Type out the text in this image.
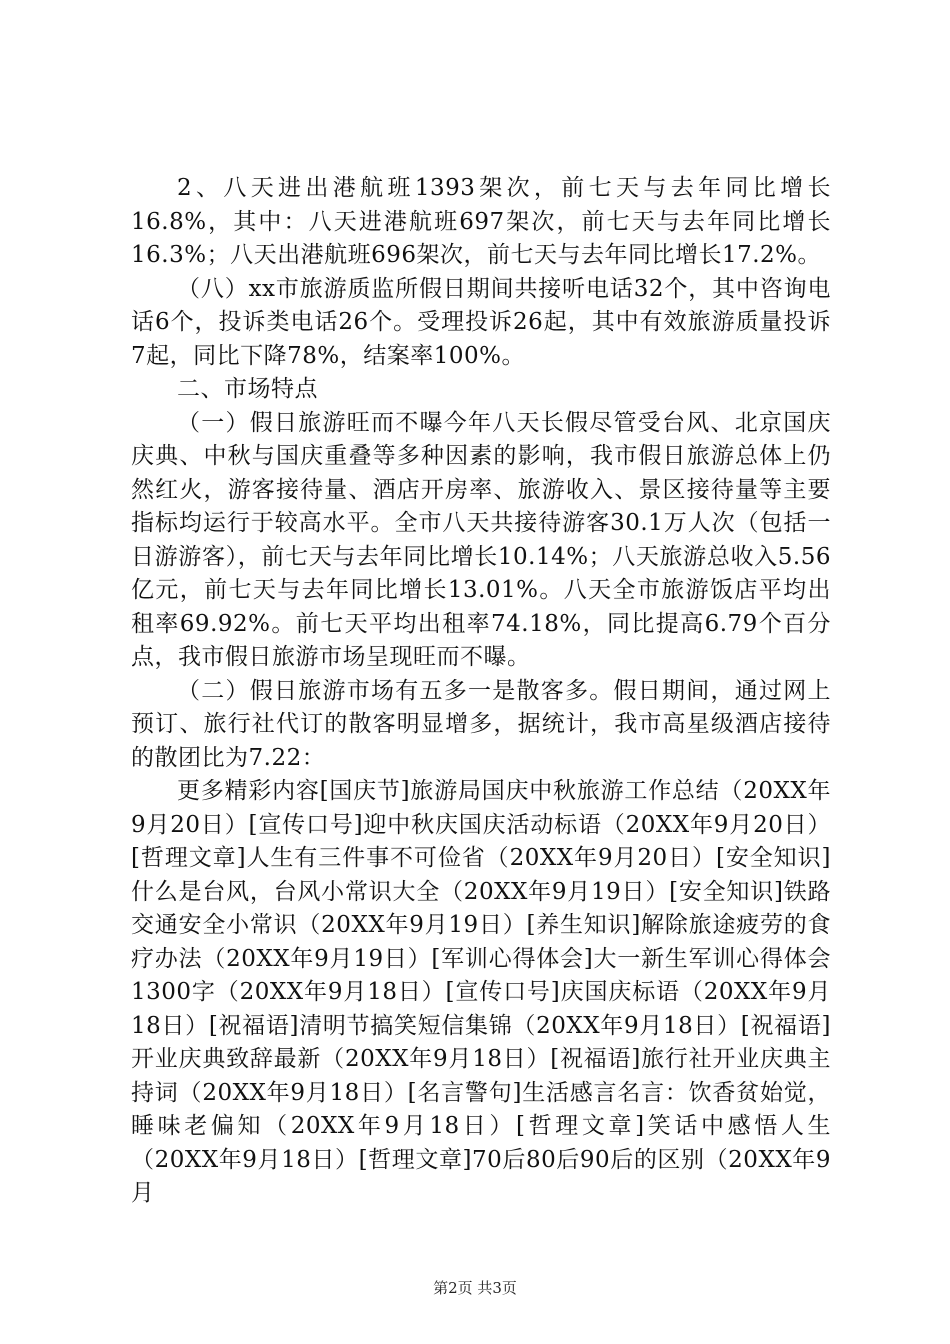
2、八天进出港航班1393架次，前七天与去年同比增长16.8%，其中：八天进港航班697架次，前七天与去年同比增长16.3%；八天出港航班696架次，前七天与去年同比增长17.2%。

（八）xx市旅游质监所假日期间共接听电话32个，其中咨询电话6个，投诉类电话26个。受理投诉26起，其中有效旅游质量投诉7起，同比下降78%，结案率100%。

二、市场特点

（一）假日旅游旺而不曝今年八天长假尽管受台风、北京国庆庆典、中秋与国庆重叠等多种因素的影响，我市假日旅游总体上仍然红火，游客接待量、酒店开房率、旅游收入、景区接待量等主要指标均运行于较高水平。全市八天共接待游客30.1万人次（包括一日游游客），前七天与去年同比增长10.14%；八天旅游总收入5.56亿元，前七天与去年同比增长13.01%。八天全市旅游饭店平均出租率69.92%。前七天平均出租率74.18%，同比提高6.79个百分点，我市假日旅游市场呈现旺而不曝。

（二）假日旅游市场有五多一是散客多。假日期间，通过网上预订、旅行社代订的散客明显增多，据统计，我市高星级酒店接待的散团比为7.22：

更多精彩内容[国庆节]旅游局国庆中秋旅游工作总结（20XX年9月20日）[宣传口号]迎中秋庆国庆活动标语（20XX年9月20日）[哲理文章]人生有三件事不可俭省（20XX年9月20日）[安全知识]什么是台风，台风小常识大全（20XX年9月19日）[安全知识]铁路交通安全小常识（20XX年9月19日）[养生知识]解除旅途疲劳的食疗办法（20XX年9月19日）[军训心得体会]大一新生军训心得体会1300字（20XX年9月18日）[宣传口号]庆国庆标语（20XX年9月18日）[祝福语]清明节搞笑短信集锦（20XX年9月18日）[祝福语]开业庆典致辞最新（20XX年9月18日）[祝福语]旅行社开业庆典主持词（20XX年9月18日）[名言警句]生活感言名言：饮香贫始觉，睡味老偏知（20XX年9月18日）[哲理文章]笑话中感悟人生（20XX年9月18日）[哲理文章]70后80后90后的区别（20XX年9月

第2页 共3页
